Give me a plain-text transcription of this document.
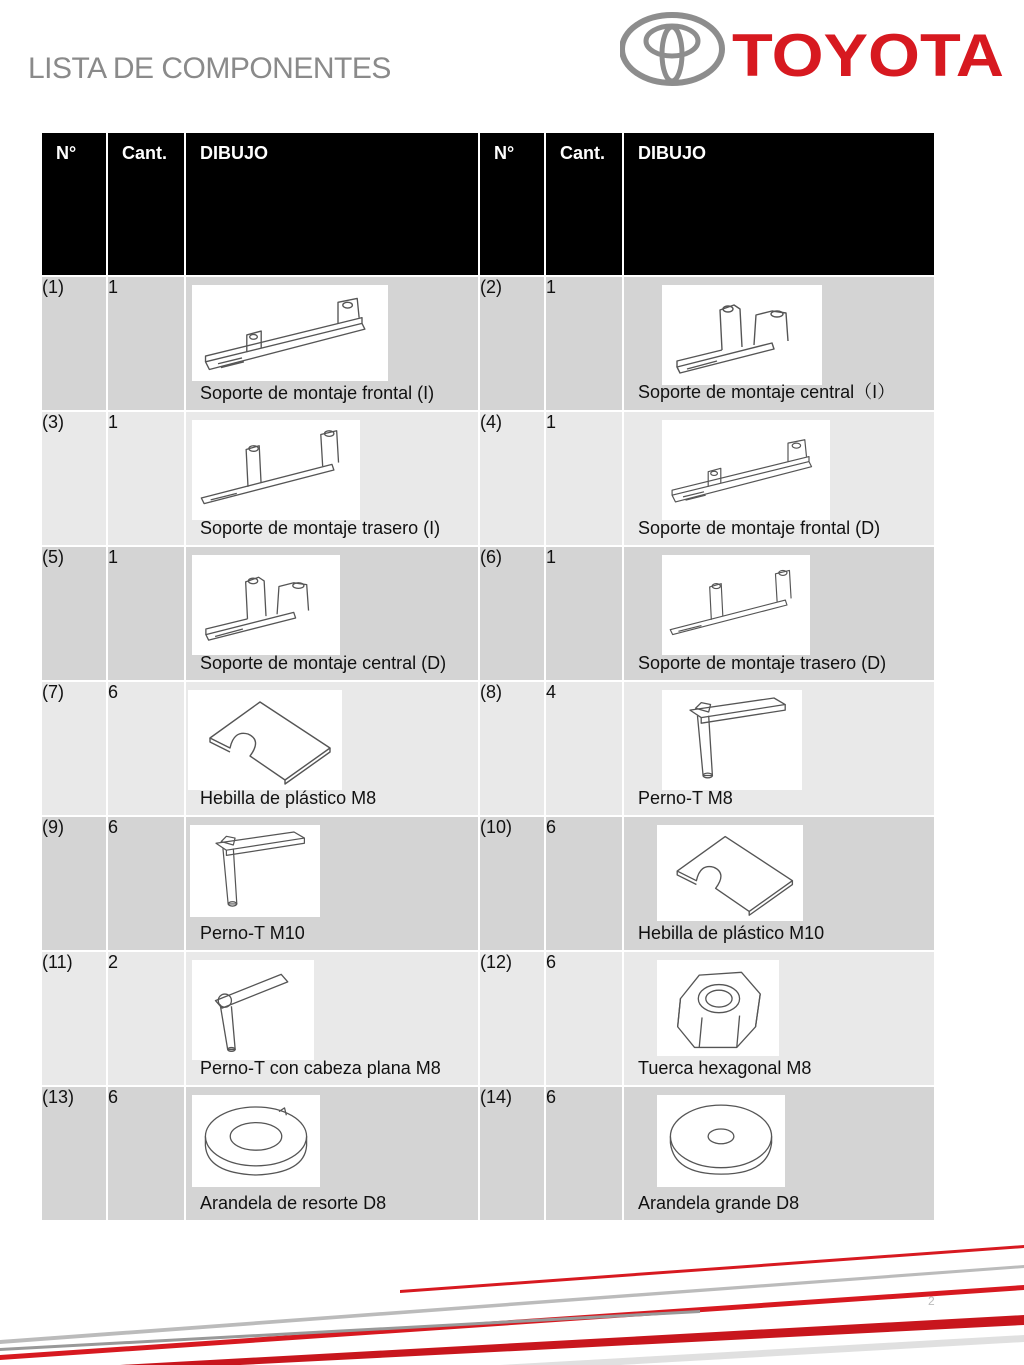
LISTA DE COMPONENTES	TOYOTA
N°	Cant.	DIBUJO	N°	Cant.	DIBUJO
(1)	1	Soporte de montaje frontal (I)	(2)	1	Soporte de montaje central（I）

(3)	1	Soporte de montaje trasero (I)	(4)	1	Soporte de montaje frontal (D)

(5)	1	Soporte de montaje central (D)	(6)	1	Soporte de montaje trasero (D)

(7)	6	Hebilla de plástico M8	(8)	4	Perno-T M8

(9)	6	Perno-T M10	(10)	6	Hebilla de plástico M10

(11)	2	Perno-T con cabeza plana M8	(12)	6	Tuerca hexagonal M8

(13)	6	Arandela de resorte D8	(14)	6	Arandela grande D8
2
